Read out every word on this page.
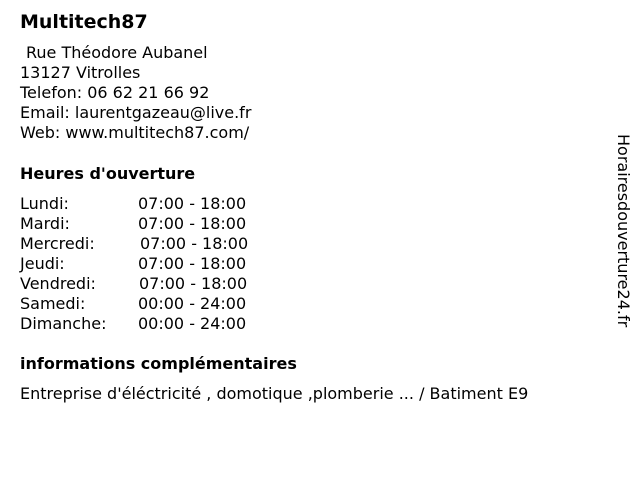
Multitech87
Rue Théodore Aubanel
13127 Vitrolles
Telefon: 06 62 21 66 92
Email: laurentgazeau@live.fr
Web: www.multitech87.com/
Heures d'ouverture
Lundi:	07:00 - 18:00
Mardi:	07:00 - 18:00
Mercredi:	07:00 - 18:00
Jeudi:	07:00 - 18:00
Vendredi:	07:00 - 18:00
Samedi:	00:00 - 24:00
Dimanche: 00:00 - 24:00
informations complémentaires
Entreprise d'éléctricité , domotique ,plomberie ... / Batiment E9
Horairesdouverture24.fr
